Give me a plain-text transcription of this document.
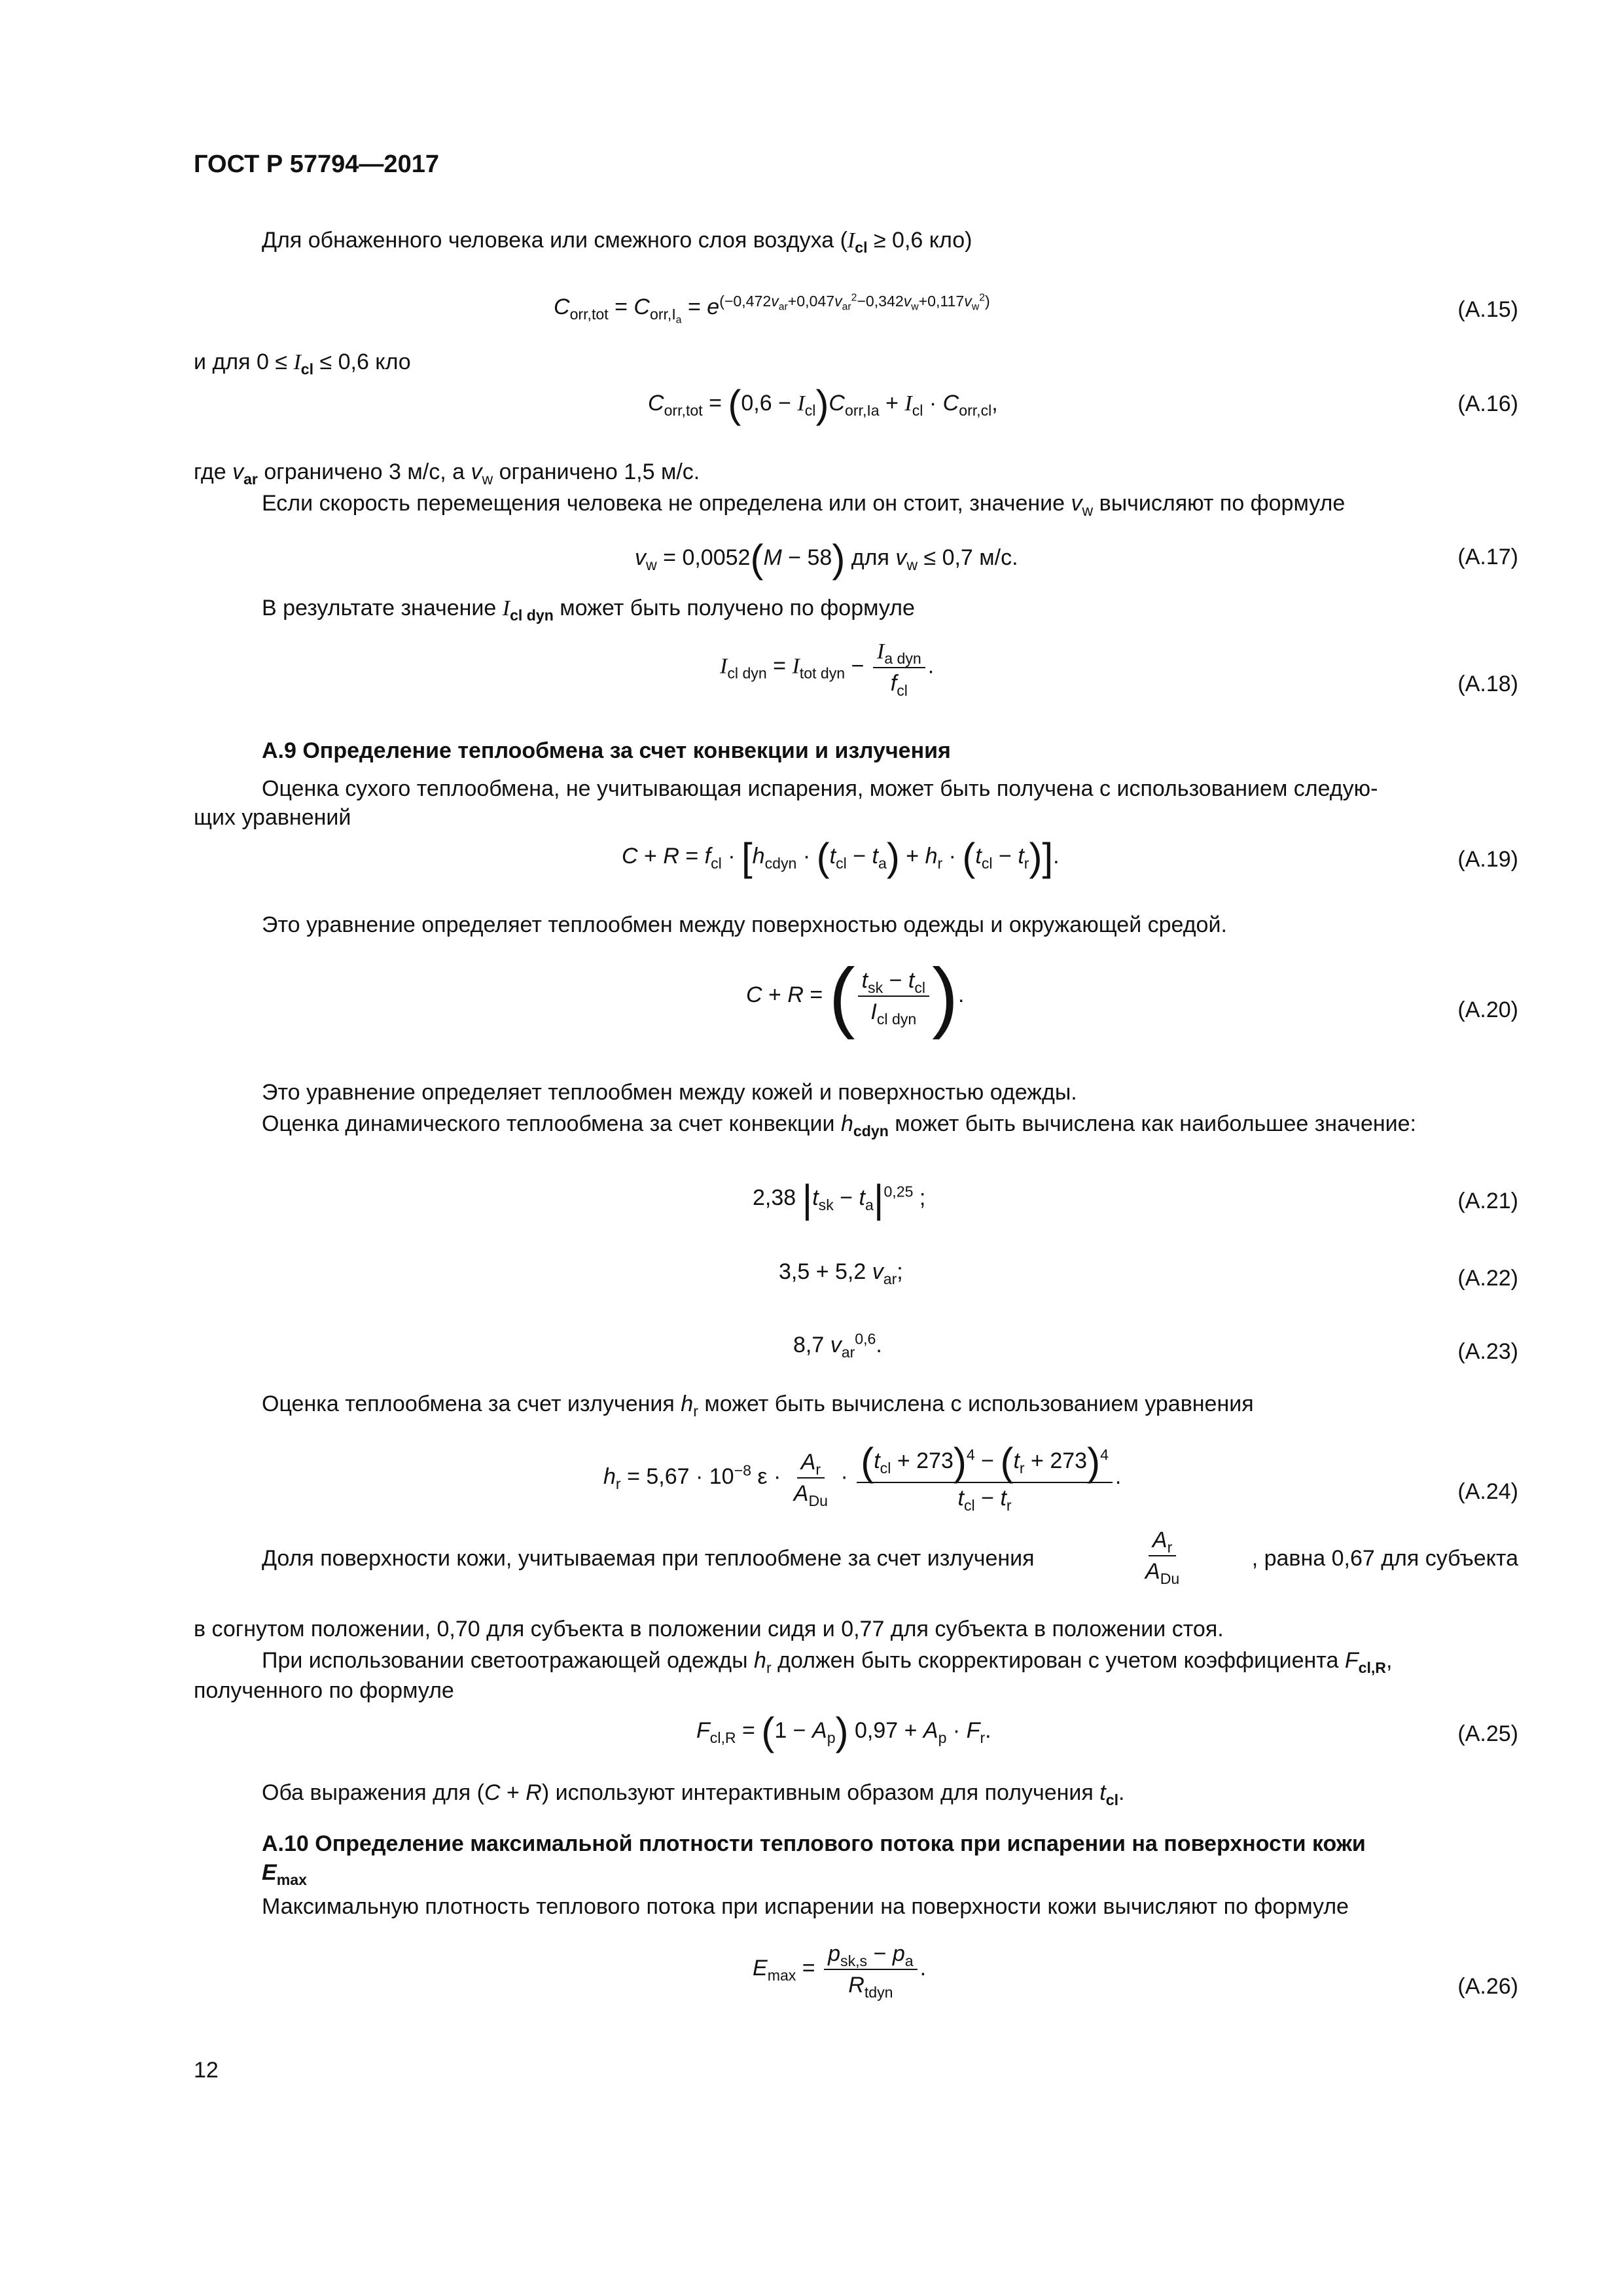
ГОСТ Р 57794—2017
Для обнаженного человека или смежного слоя воздуха ($I_{cl} \ge 0,6$ кло)
$C_{orr,tot} = C_{orr,I_a} = e^{(-0,472v_{ar}+0,047v_{ar}^2-0,342v_w+0,117v_w^2)}$	(А.15)
и для $0 \le I_{cl} \le 0,6$ кло
$C_{orr,tot} = (0,6 - I_{cl})C_{orr,Ia} + I_{cl} \cdot C_{orr,cl}$,	(А.16)
где $v_{ar}$ ограничено 3 м/с, а $v_w$ ограничено 1,5 м/с.
Если скорость перемещения человека не определена или он стоит, значение $v_w$ вычисляют по формуле
$v_w = 0,0052(M - 58)$ для $v_w \le 0,7$ м/с.	(А.17)
В результате значение $I_{cl dyn}$ может быть получено по формуле
$I_{cl dyn} = I_{tot dyn} - \frac{I_{a dyn}}{f_{cl}}$ .
(А.18)
А.9 Определение теплообмена за счет конвекции и излучения
Оценка сухого теплообмена, не учитывающая испарения, может быть получена с использованием следую-
щих уравнений
$C + R = f_{cl} \cdot [h_{cdyn} \cdot (t_{cl} - t_a) + h_r \cdot (t_{cl} - t_r)]$.	(А.19)
Это уравнение определяет теплообмен между поверхностью одежды и окружающей средой.
C + R = ( $\frac{t_{sk} - t_{cl}}{I_{cl dyn}}$ ).
(А.20)
Это уравнение определяет теплообмен между кожей и поверхностью одежды.
Оценка динамического теплообмена за счет конвекции $h_{cdyn}$ может быть вычислена как наибольшее значение:
2,38 $|t_{sk} - t_a|^{0,25}$ ;	(А.21)
3,5 + 5,2 $v_{ar}$;	(А.22)
8,7 $v_{ar}^{0,6}$.	(А.23)
Оценка теплообмена за счет излучения $h_r$ может быть вычислена с использованием уравнения
$h_r = 5,67 \cdot 10^{-8}$ $\varepsilon \cdot \frac{A_r}{A_{Du}} \cdot \frac{(t_{cl} + 273)^4 - (t_r + 273)^4}{t_{cl} - t_r}$ .
(А.24)
Доля поверхности кожи, учитываемая при теплообмене за счет излучения	$\frac{A_r}{A_{Du}}$	, равна 0,67 для субъекта
в согнутом положении, 0,70 для субъекта в положении сидя и 0,77 для субъекта в положении стоя.
При использовании светоотражающей одежды $h_r$ должен быть скорректирован с учетом коэффициента $F_{cl,R}$,
полученного по формуле
$F_{cl,R} = (1 - A_p) 0,97 + A_p \cdot F_r$.	(А.25)
Оба выражения для (C + R) используют интерактивным образом для получения $t_{cl}$.
А.10 Определение максимальной плотности теплового потока при испарении на поверхности кожи
$E_{max}$
Максимальную плотность теплового потока при испарении на поверхности кожи вычисляют по формуле
$E_{max} = \frac{p_{sk,s} - p_a}{R_{tdyn}}$ .
(А.26)
12
